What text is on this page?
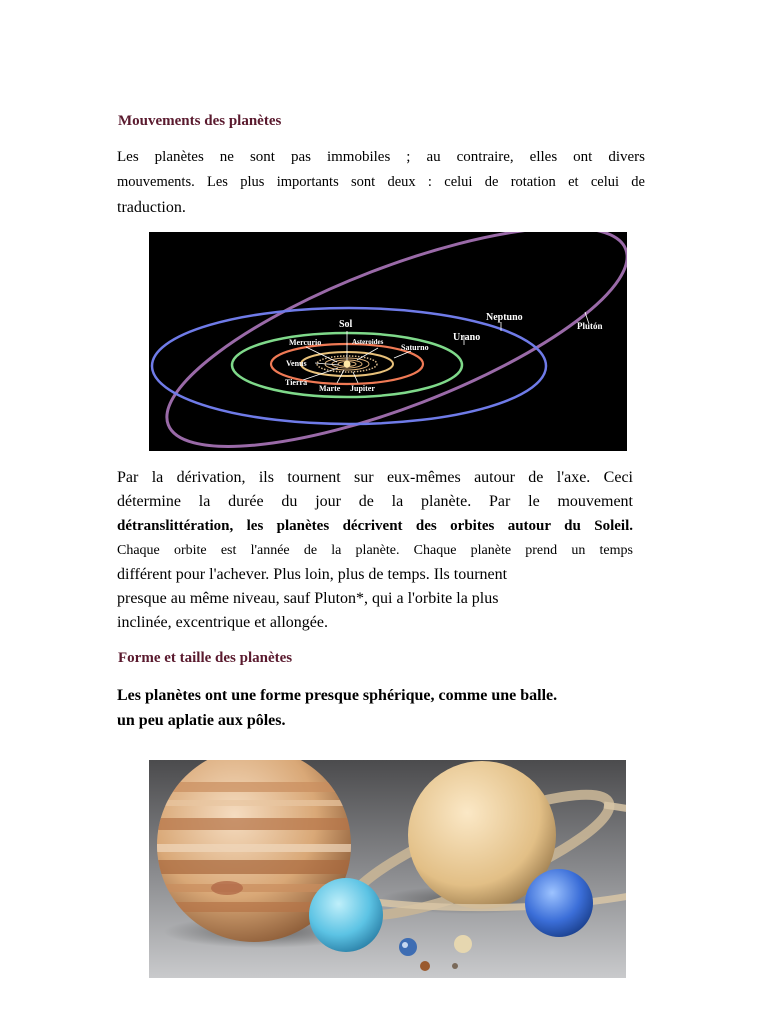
Mouvements des planètes

Les planètes ne sont pas immobiles ; au contraire, elles ont divers
mouvements. Les plus importants sont deux : celui de rotation et celui de
traduction.

Sol
Mercurio	Asteroides
Saturno
Venus
Tierra
Marte Jupiter
Urano
Neptuno
Plutón
Par la dérivation, ils tournent sur eux-mêmes autour de l'axe. Ceci
détermine la durée du jour de la planète. Par le mouvement
détranslittération, les planètes décrivent des orbites autour du Soleil.
Chaque orbite est l'année de la planète. Chaque planète prend un temps
différent pour l'achever. Plus loin, plus de temps. Ils tournent
presque au même niveau, sauf Pluton*, qui a l'orbite la plus
inclinée, excentrique et allongée.
Forme et taille des planètes
Les planètes ont une forme presque sphérique, comme une balle.
un peu aplatie aux pôles.
